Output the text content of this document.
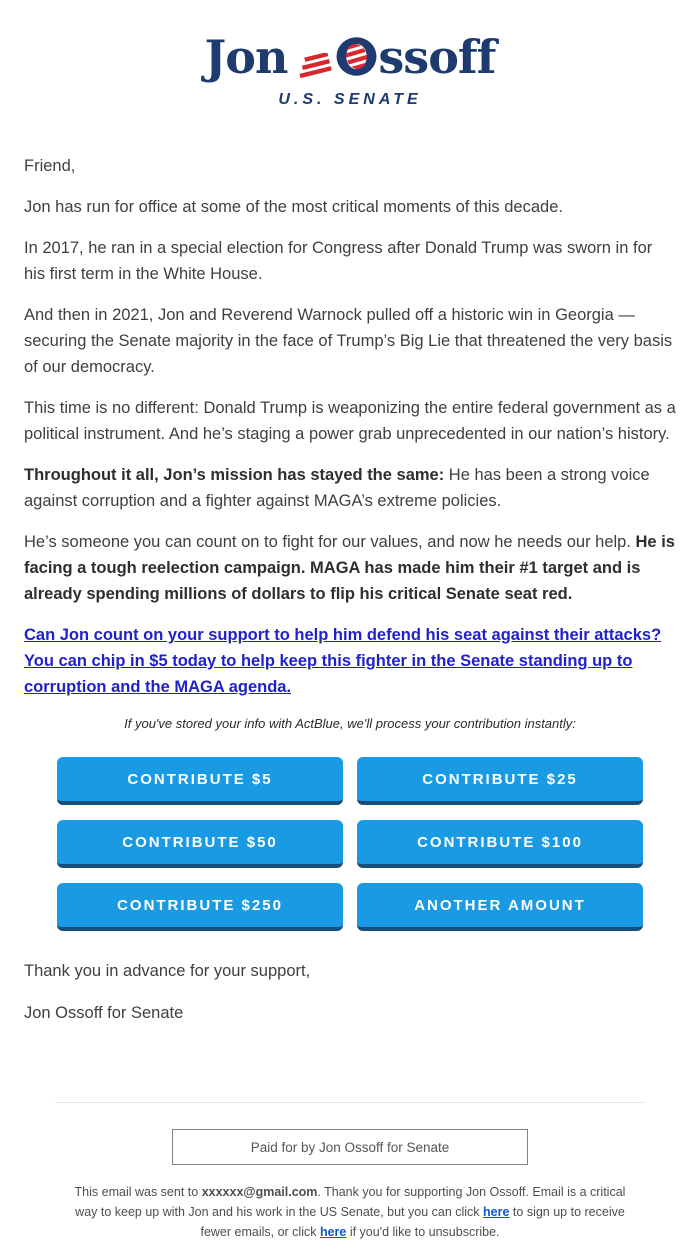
Jon ssoff
U.S. SENATE

Friend,

Jon has run for office at some of the most critical moments of this decade.

In 2017, he ran in a special election for Congress after Donald Trump was sworn in for his first term in the White House.

And then in 2021, Jon and Reverend Warnock pulled off a historic win in Georgia — securing the Senate majority in the face of Trump’s Big Lie that threatened the very basis of our democracy.

This time is no different: Donald Trump is weaponizing the entire federal government as a political instrument. And he’s staging a power grab unprecedented in our nation’s history.

Throughout it all, Jon’s mission has stayed the same: He has been a strong voice against corruption and a fighter against MAGA’s extreme policies.

He’s someone you can count on to fight for our values, and now he needs our help. He is facing a tough reelection campaign. MAGA has made him their #1 target and is already spending millions of dollars to flip his critical Senate seat red.

Can Jon count on your support to help him defend his seat against their attacks? You can chip in $5 today to help keep this fighter in the Senate standing up to corruption and the MAGA agenda.

If you've stored your info with ActBlue, we'll process your contribution instantly:

CONTRIBUTE $5	CONTRIBUTE $25
CONTRIBUTE $50	CONTRIBUTE $100
CONTRIBUTE $250	ANOTHER AMOUNT

Thank you in advance for your support,

Jon Ossoff for Senate

Paid for by Jon Ossoff for Senate

This email was sent to xxxxxx@gmail.com. Thank you for supporting Jon Ossoff. Email is a critical way to keep up with Jon and his work in the US Senate, but you can click here to sign up to receive fewer emails, or click here if you'd like to unsubscribe.
